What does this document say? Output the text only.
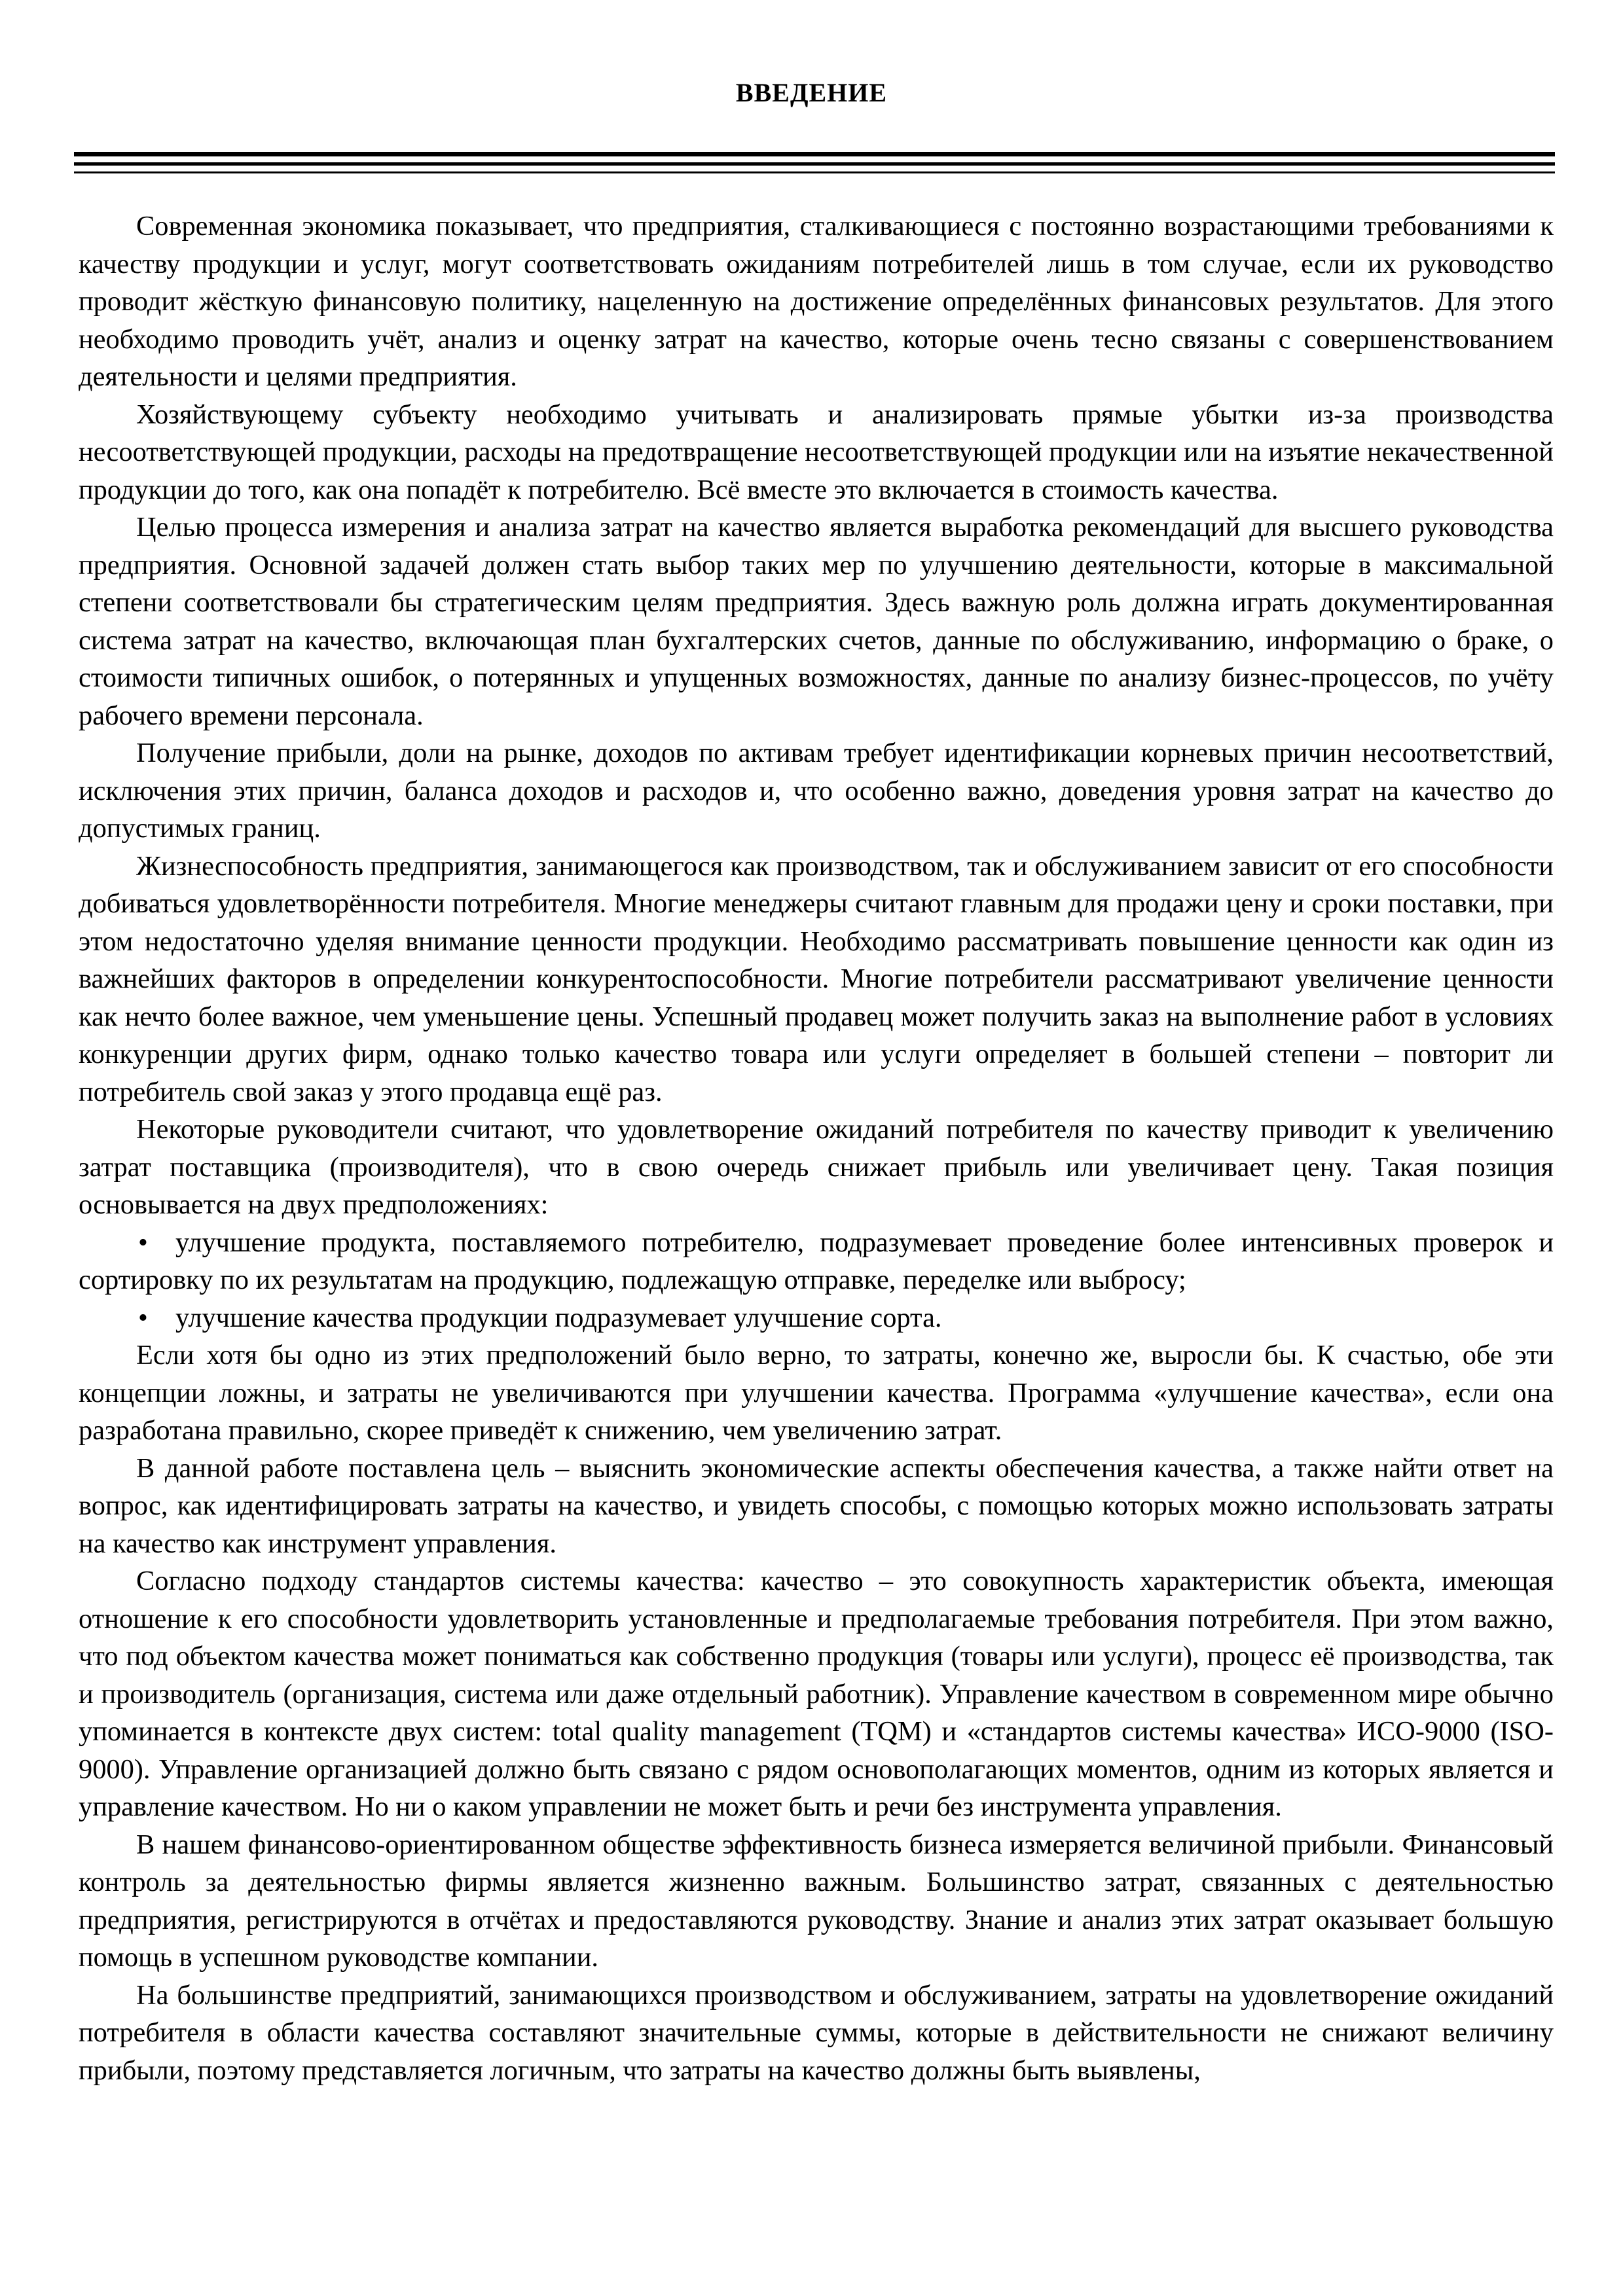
ВВЕДЕНИЕ

Современная экономика показывает, что предприятия, сталкивающиеся с постоянно возрастающими требованиями к качеству продукции и услуг, могут соответствовать ожиданиям потребителей лишь в том случае, если их руководство проводит жёсткую финансовую политику, нацеленную на достижение определённых финансовых результатов. Для этого необходимо проводить учёт, анализ и оценку затрат на качество, которые очень тесно связаны с совершенствованием деятельности и целями предприятия.

Хозяйствующему субъекту необходимо учитывать и анализировать прямые убытки из-за производства несоответствующей продукции, расходы на предотвращение несоответствующей продукции или на изъятие некачественной продукции до того, как она попадёт к потребителю. Всё вместе это включается в стоимость качества.

Целью процесса измерения и анализа затрат на качество является выработка рекомендаций для высшего руководства предприятия. Основной задачей должен стать выбор таких мер по улучшению деятельности, которые в максимальной степени соответствовали бы стратегическим целям предприятия. Здесь важную роль должна играть документированная система затрат на качество, включающая план бухгалтерских счетов, данные по обслуживанию, информацию о браке, о стоимости типичных ошибок, о потерянных и упущенных возможностях, данные по анализу бизнес-процессов, по учёту рабочего времени персонала.

Получение прибыли, доли на рынке, доходов по активам требует идентификации корневых причин несоответствий, исключения этих причин, баланса доходов и расходов и, что особенно важно, доведения уровня затрат на качество до допустимых границ.

Жизнеспособность предприятия, занимающегося как производством, так и обслуживанием зависит от его способности добиваться удовлетворённости потребителя. Многие менеджеры считают главным для продажи цену и сроки поставки, при этом недостаточно уделяя внимание ценности продукции. Необходимо рассматривать повышение ценности как один из важнейших факторов в определении конкурентоспособности. Многие потребители рассматривают увеличение ценности как нечто более важное, чем уменьшение цены. Успешный продавец может получить заказ на выполнение работ в условиях конкуренции других фирм, однако только качество товара или услуги определяет в большей степени – повторит ли потребитель свой заказ у этого продавца ещё раз.

Некоторые руководители считают, что удовлетворение ожиданий потребителя по качеству приводит к увеличению затрат поставщика (производителя), что в свою очередь снижает прибыль или увеличивает цену. Такая позиция основывается на двух предположениях:

• улучшение продукта, поставляемого потребителю, подразумевает проведение более интенсивных проверок и сортировку по их результатам на продукцию, подлежащую отправке, переделке или выбросу;
• улучшение качества продукции подразумевает улучшение сорта.

Если хотя бы одно из этих предположений было верно, то затраты, конечно же, выросли бы. К счастью, обе эти концепции ложны, и затраты не увеличиваются при улучшении качества. Программа «улучшение качества», если она разработана правильно, скорее приведёт к снижению, чем увеличению затрат.

В данной работе поставлена цель – выяснить экономические аспекты обеспечения качества, а также найти ответ на вопрос, как идентифицировать затраты на качество, и увидеть способы, с помощью которых можно использовать затраты на качество как инструмент управления.

Согласно подходу стандартов системы качества: качество – это совокупность характеристик объекта, имеющая отношение к его способности удовлетворить установленные и предполагаемые требования потребителя. При этом важно, что под объектом качества может пониматься как собственно продукция (товары или услуги), процесс её производства, так и производитель (организация, система или даже отдельный работник). Управление качеством в современном мире обычно упоминается в контексте двух систем: total quality management (TQM) и «стандартов системы качества» ИСО-9000 (ISO-9000). Управление организацией должно быть связано с рядом основополагающих моментов, одним из которых является и управление качеством. Но ни о каком управлении не может быть и речи без инструмента управления.

В нашем финансово-ориентированном обществе эффективность бизнеса измеряется величиной прибыли. Финансовый контроль за деятельностью фирмы является жизненно важным. Большинство затрат, связанных с деятельностью предприятия, регистрируются в отчётах и предоставляются руководству. Знание и анализ этих затрат оказывает большую помощь в успешном руководстве компании.

На большинстве предприятий, занимающихся производством и обслуживанием, затраты на удовлетворение ожиданий потребителя в области качества составляют значительные суммы, которые в действительности не снижают величину прибыли, поэтому представляется логичным, что затраты на качество должны быть выявлены,
